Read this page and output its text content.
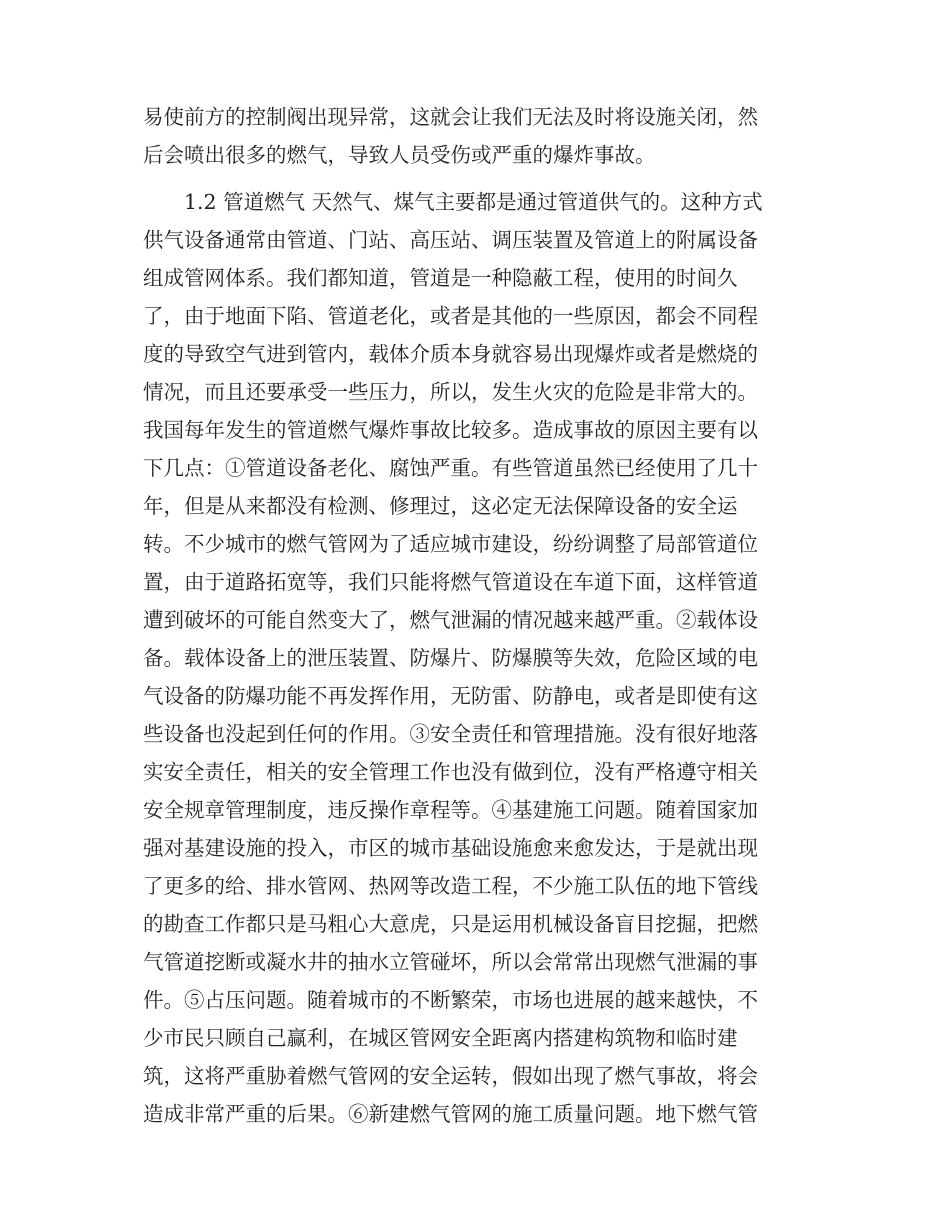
易使前方的控制阀出现异常，这就会让我们无法及时将设施关闭，然
后会喷出很多的燃气，导致人员受伤或严重的爆炸事故。
1.2 管道燃气 天然气、煤气主要都是通过管道供气的。这种方式
供气设备通常由管道、门站、高压站、调压装置及管道上的附属设备
组成管网体系。我们都知道，管道是一种隐蔽工程，使用的时间久
了，由于地面下陷、管道老化，或者是其他的一些原因，都会不同程
度的导致空气进到管内，载体介质本身就容易出现爆炸或者是燃烧的
情况，而且还要承受一些压力，所以，发生火灾的危险是非常大的。
我国每年发生的管道燃气爆炸事故比较多。造成事故的原因主要有以
下几点：①管道设备老化、腐蚀严重。有些管道虽然已经使用了几十
年，但是从来都没有检测、修理过，这必定无法保障设备的安全运
转。不少城市的燃气管网为了适应城市建设，纷纷调整了局部管道位
置，由于道路拓宽等，我们只能将燃气管道设在车道下面，这样管道
遭到破坏的可能自然变大了，燃气泄漏的情况越来越严重。②载体设
备。载体设备上的泄压装置、防爆片、防爆膜等失效，危险区域的电
气设备的防爆功能不再发挥作用，无防雷、防静电，或者是即使有这
些设备也没起到任何的作用。③安全责任和管理措施。没有很好地落
实安全责任，相关的安全管理工作也没有做到位，没有严格遵守相关
安全规章管理制度，违反操作章程等。④基建施工问题。随着国家加
强对基建设施的投入，市区的城市基础设施愈来愈发达，于是就出现
了更多的给、排水管网、热网等改造工程，不少施工队伍的地下管线
的勘查工作都只是马粗心大意虎，只是运用机械设备盲目挖掘，把燃
气管道挖断或凝水井的抽水立管碰坏，所以会常常出现燃气泄漏的事
件。⑤占压问题。随着城市的不断繁荣，市场也进展的越来越快，不
少市民只顾自己赢利，在城区管网安全距离内搭建构筑物和临时建
筑，这将严重胁着燃气管网的安全运转，假如出现了燃气事故，将会
造成非常严重的后果。⑥新建燃气管网的施工质量问题。地下燃气管
